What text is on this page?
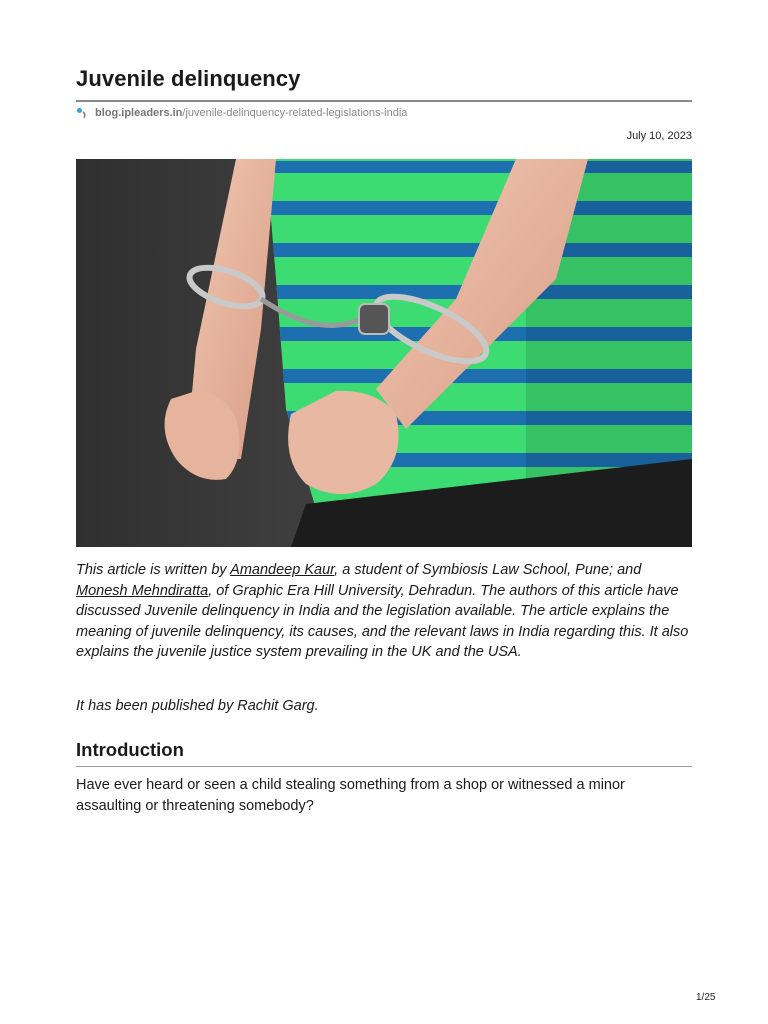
Juvenile delinquency
blog.ipleaders.in /juvenile-delinquency-related-legislations-india
July 10, 2023

This article is written by Amandeep Kaur, a student of Symbiosis Law School, Pune; and Monesh Mehndiratta, of Graphic Era Hill University, Dehradun. The authors of this article have discussed Juvenile delinquency in India and the legislation available. The article explains the meaning of juvenile delinquency, its causes, and the relevant laws in India regarding this. It also explains the juvenile justice system prevailing in the UK and the USA.

It has been published by Rachit Garg.

Introduction

Have ever heard or seen a child stealing something from a shop or witnessed a minor assaulting or threatening somebody?

1/25
